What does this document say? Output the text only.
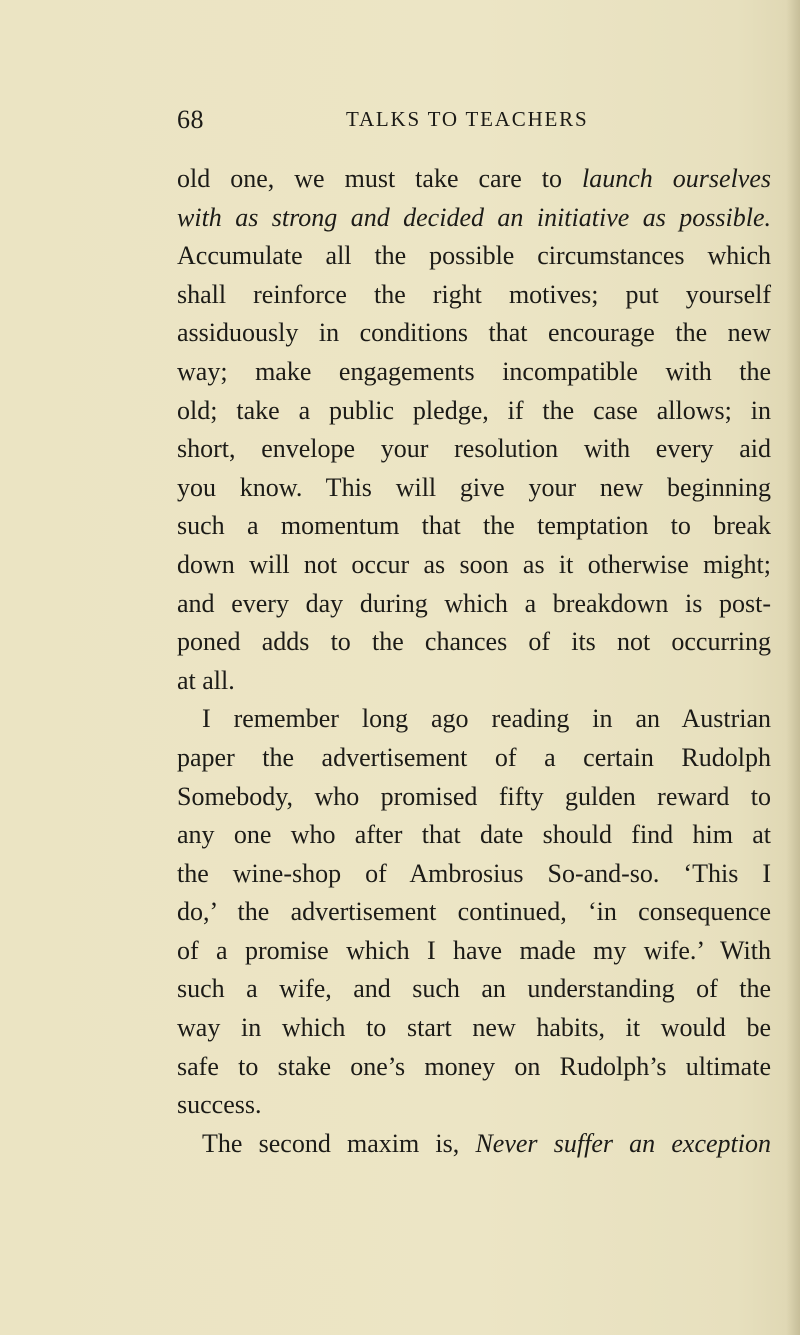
68	TALKS TO TEACHERS
old one, we must take care to launch ourselves
with as strong and decided an initiative as possible.
Accumulate all the possible circumstances which
shall reinforce the right motives; put yourself
assiduously in conditions that encourage the new
way; make engagements incompatible with the
old; take a public pledge, if the case allows; in
short, envelope your resolution with every aid
you know. This will give your new beginning
such a momentum that the temptation to break
down will not occur as soon as it otherwise might;
and every day during which a breakdown is post-
poned adds to the chances of its not occurring
at all.
I remember long ago reading in an Austrian
paper the advertisement of a certain Rudolph
Somebody, who promised fifty gulden reward to
any one who after that date should find him at
the wine-shop of Ambrosius So-and-so. ‘This I
do,’ the advertisement continued, ‘in consequence
of a promise which I have made my wife.’ With
such a wife, and such an understanding of the
way in which to start new habits, it would be
safe to stake one’s money on Rudolph’s ultimate
success.
The second maxim is, Never suffer an exception
